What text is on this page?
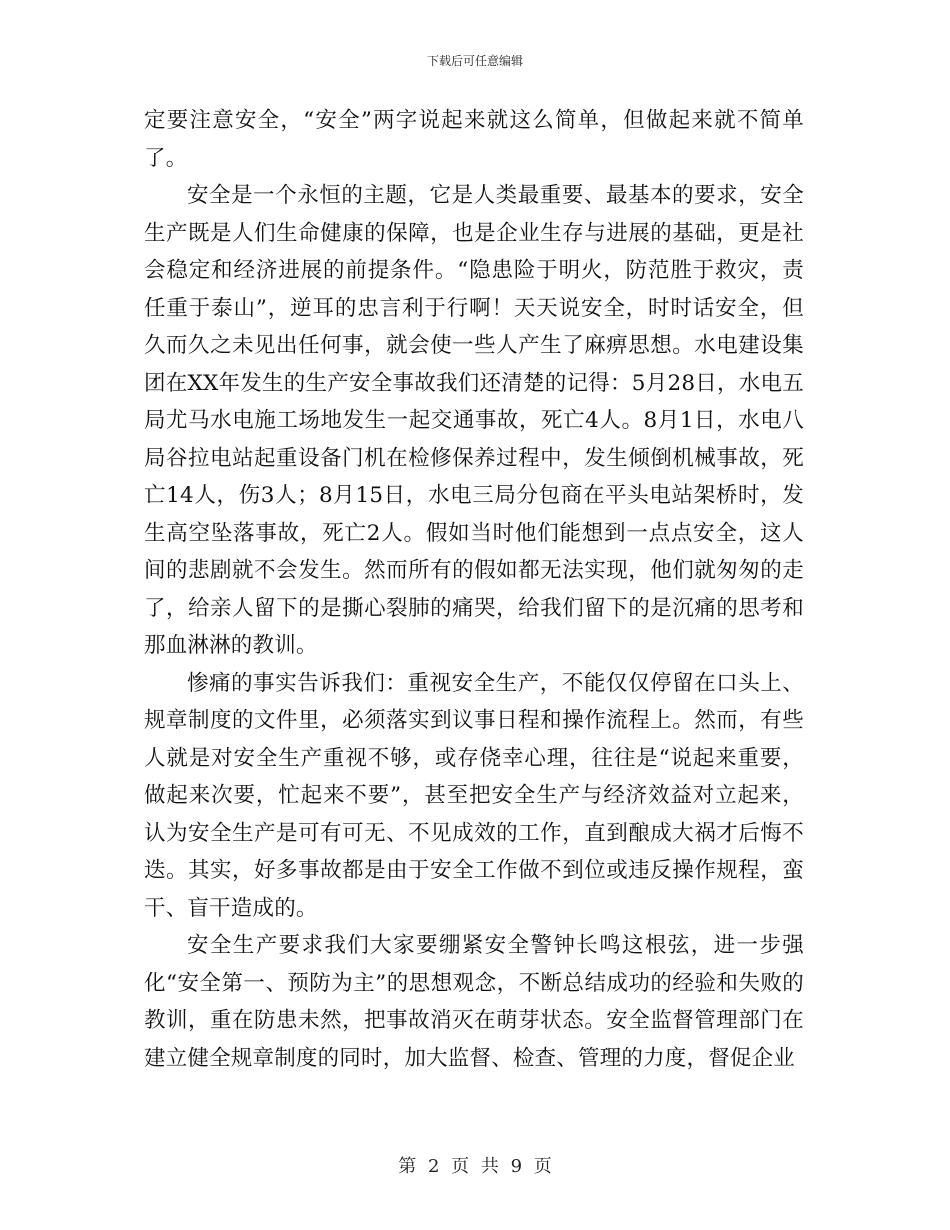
下载后可任意编辑

定要注意安全，“安全”两字说起来就这么简单，但做起来就不简单了。

安全是一个永恒的主题，它是人类最重要、最基本的要求，安全生产既是人们生命健康的保障，也是企业生存与进展的基础，更是社会稳定和经济进展的前提条件。“隐患险于明火，防范胜于救灾，责任重于泰山”，逆耳的忠言利于行啊！天天说安全，时时话安全，但久而久之未见出任何事，就会使一些人产生了麻痹思想。水电建设集团在XX年发生的生产安全事故我们还清楚的记得：5月28日，水电五局尤马水电施工场地发生一起交通事故，死亡4人。8月1日，水电八局谷拉电站起重设备门机在检修保养过程中，发生倾倒机械事故，死亡14人，伤3人；8月15日，水电三局分包商在平头电站架桥时，发生高空坠落事故，死亡2人。假如当时他们能想到一点点安全，这人间的悲剧就不会发生。然而所有的假如都无法实现，他们就匆匆的走了，给亲人留下的是撕心裂肺的痛哭，给我们留下的是沉痛的思考和那血淋淋的教训。

惨痛的事实告诉我们：重视安全生产，不能仅仅停留在口头上、规章制度的文件里，必须落实到议事日程和操作流程上。然而，有些人就是对安全生产重视不够，或存侥幸心理，往往是“说起来重要，做起来次要，忙起来不要”，甚至把安全生产与经济效益对立起来，认为安全生产是可有可无、不见成效的工作，直到酿成大祸才后悔不迭。其实，好多事故都是由于安全工作做不到位或违反操作规程，蛮干、盲干造成的。

安全生产要求我们大家要绷紧安全警钟长鸣这根弦，进一步强化“安全第一、预防为主”的思想观念，不断总结成功的经验和失败的教训，重在防患未然，把事故消灭在萌芽状态。安全监督管理部门在建立健全规章制度的同时，加大监督、检查、管理的力度，督促企业

第 2 页 共 9 页
